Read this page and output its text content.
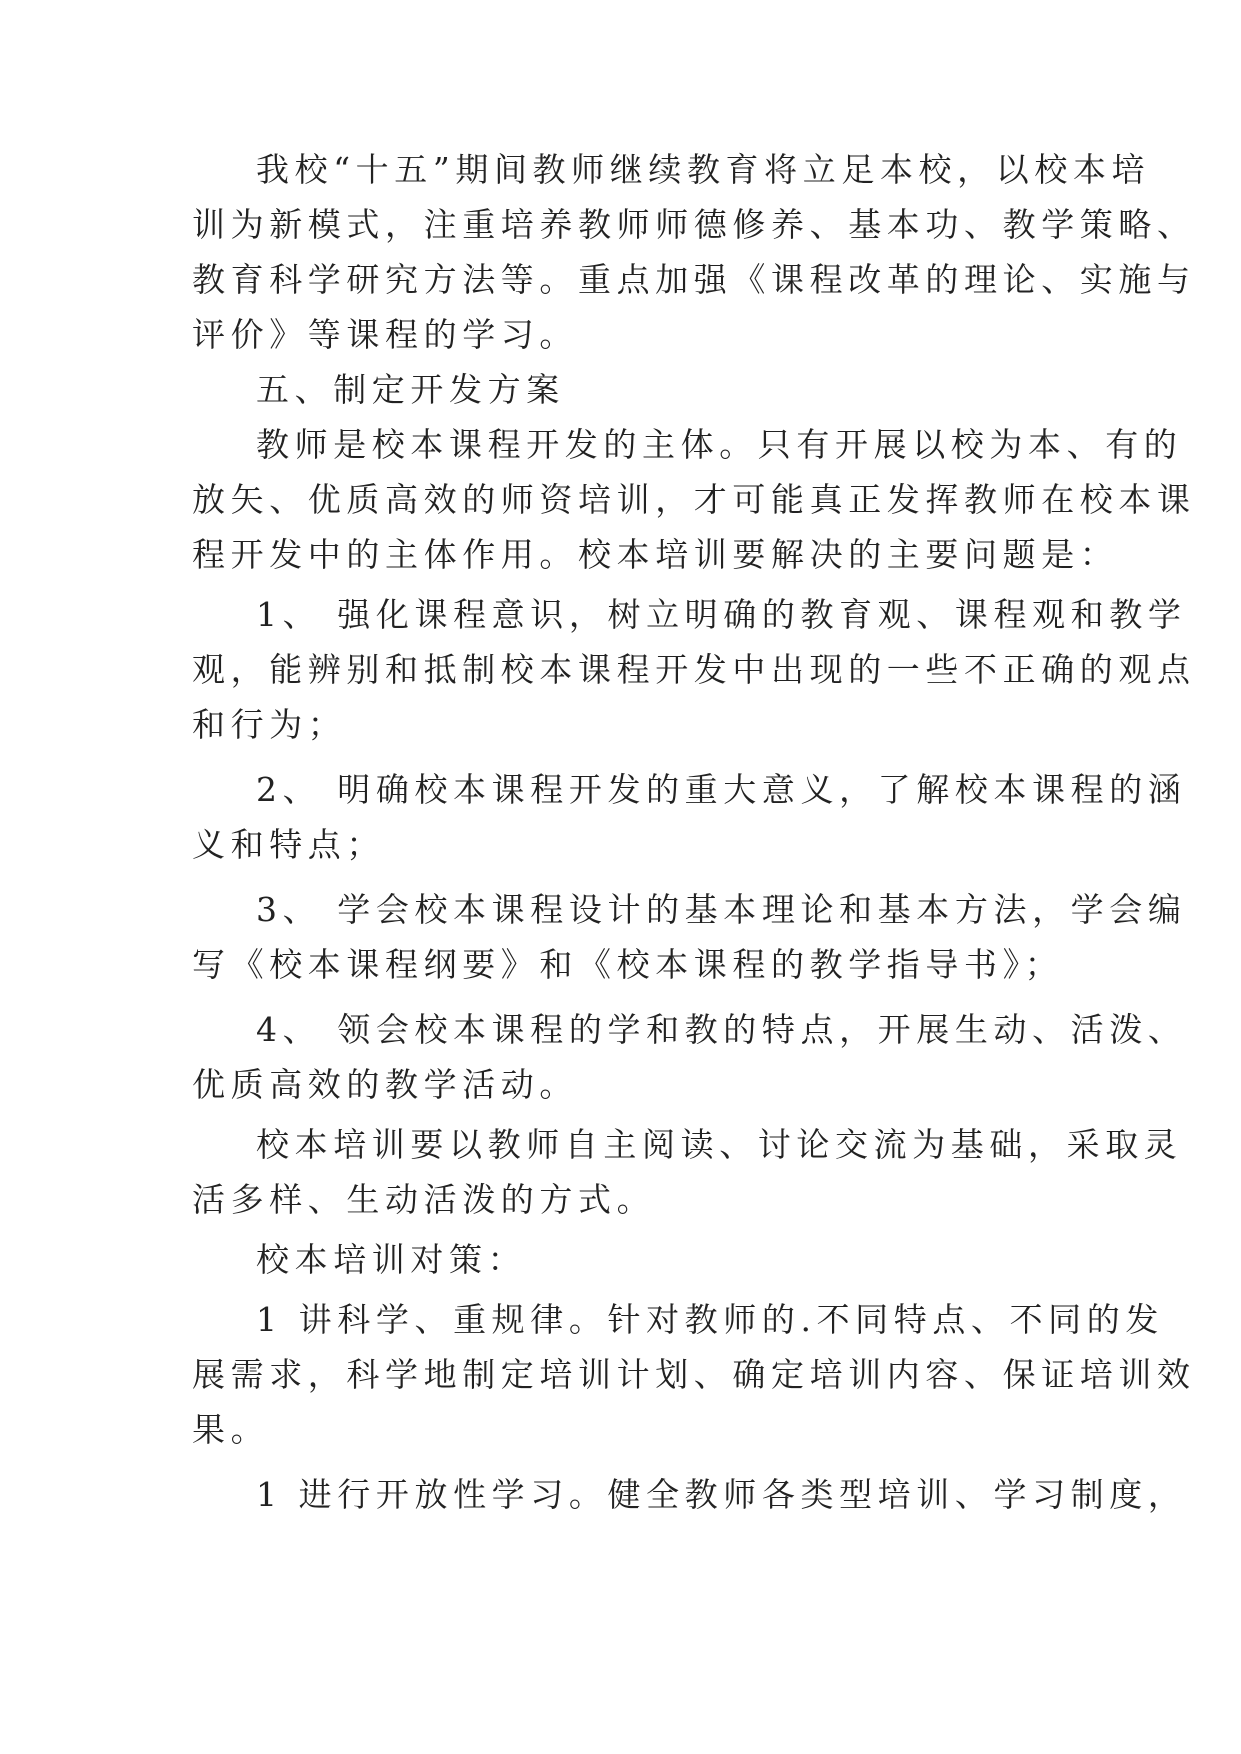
我校“十五”期间教师继续教育将立足本校，以校本培

训为新模式，注重培养教师师德修养、基本功、教学策略、

教育科学研究方法等。重点加强《课程改革的理论、实施与

评价》等课程的学习。

五、制定开发方案

教师是校本课程开发的主体。只有开展以校为本、有的

放矢、优质高效的师资培训，才可能真正发挥教师在校本课

程开发中的主体作用。校本培训要解决的主要问题是：

1、 强化课程意识，树立明确的教育观、课程观和教学

观，能辨别和抵制校本课程开发中出现的一些不正确的观点

和行为；

2、 明确校本课程开发的重大意义，了解校本课程的涵

义和特点；

3、 学会校本课程设计的基本理论和基本方法，学会编

写《校本课程纲要》和《校本课程的教学指导书》；

4、 领会校本课程的学和教的特点，开展生动、活泼、

优质高效的教学活动。

校本培训要以教师自主阅读、讨论交流为基础，采取灵

活多样、生动活泼的方式。

校本培训对策：

1 讲科学、重规律。针对教师的.不同特点、不同的发

展需求，科学地制定培训计划、确定培训内容、保证培训效

果。

1 进行开放性学习。健全教师各类型培训、学习制度，
